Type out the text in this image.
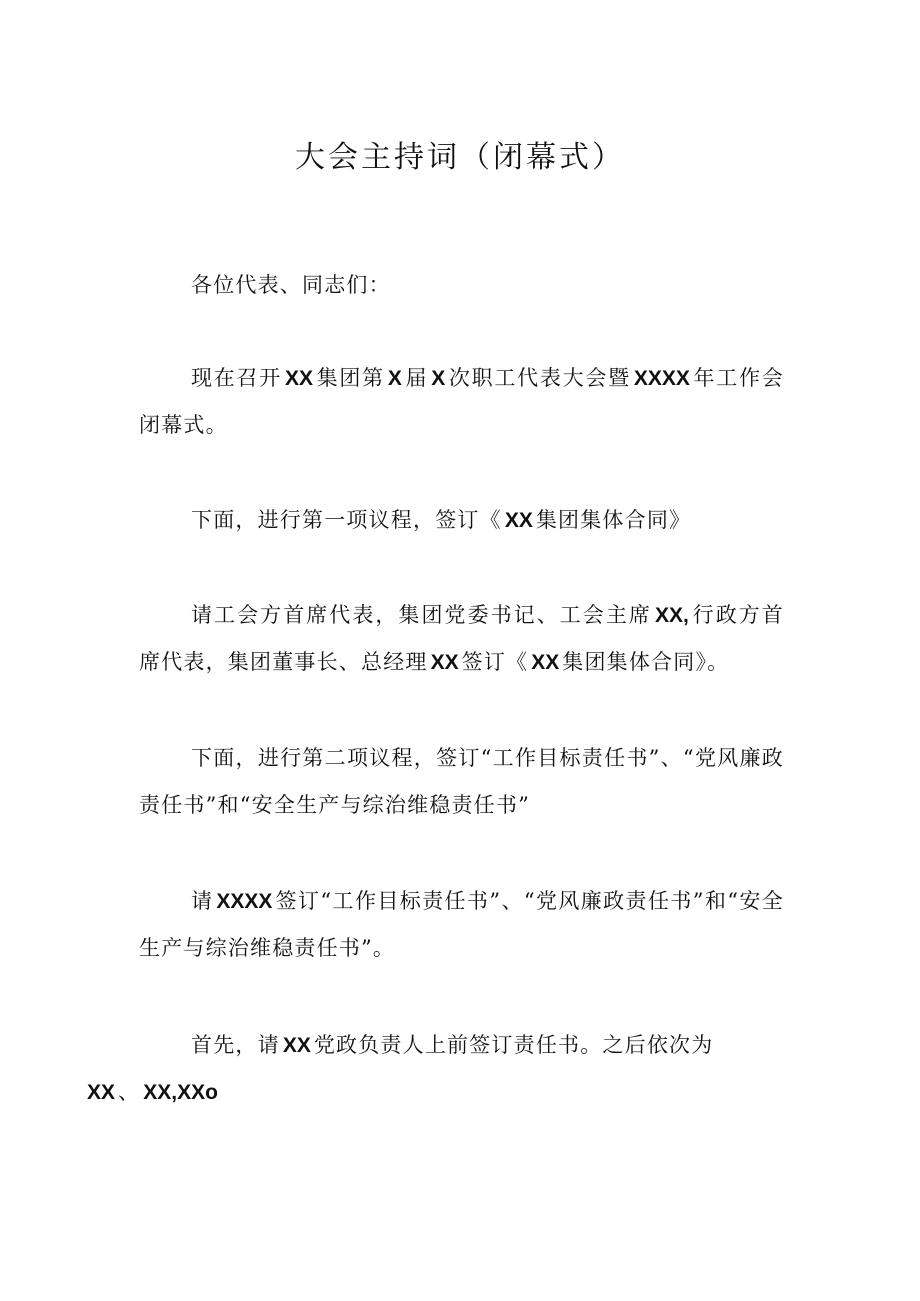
大会主持词（闭幕式）

各位代表、同志们：

现在召开 XX 集团第 X 届 X 次职工代表大会暨 XXXX 年工作会闭幕式。

下面，进行第一项议程，签订《 XX 集团集体合同》

请工会方首席代表，集团党委书记、工会主席 XX, 行政方首席代表，集团董事长、总经理 XX 签订《 XX 集团集体合同》。

下面，进行第二项议程，签订“工作目标责任书”、“党风廉政责任书”和“安全生产与综治维稳责任书”

请 XXXX 签订“工作目标责任书”、“党风廉政责任书”和“安全生产与综治维稳责任书”。

首先，请 XX 党政负责人上前签订责任书。之后依次为
XX 、 XX,XXo
